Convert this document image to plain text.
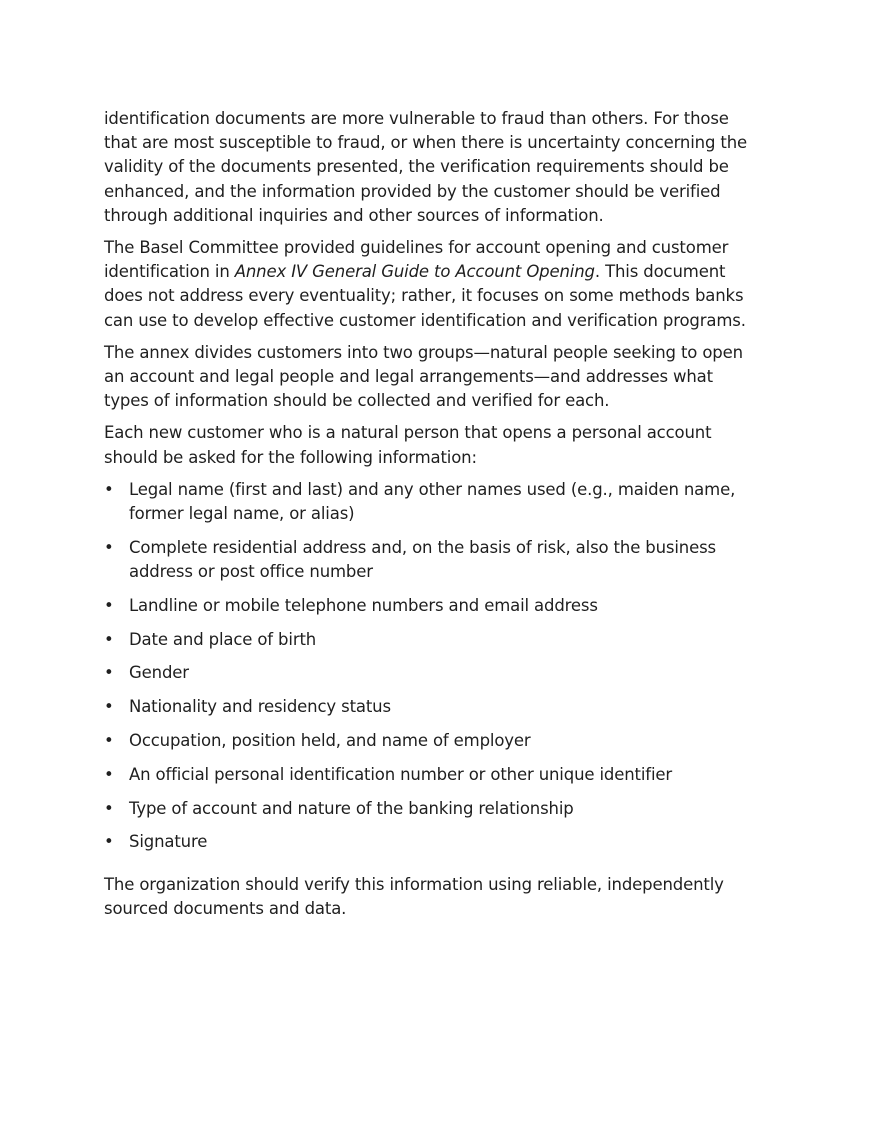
identification documents are more vulnerable to fraud than others. For those that are most susceptible to fraud, or when there is uncertainty concerning the validity of the documents presented, the verification requirements should be enhanced, and the information provided by the customer should be verified through additional inquiries and other sources of information.

The Basel Committee provided guidelines for account opening and customer identification in Annex IV General Guide to Account Opening. This document does not address every eventuality; rather, it focuses on some methods banks can use to develop effective customer identification and verification programs.

The annex divides customers into two groups—natural people seeking to open an account and legal people and legal arrangements—and addresses what types of information should be collected and verified for each.

Each new customer who is a natural person that opens a personal account should be asked for the following information:

• Legal name (first and last) and any other names used (e.g., maiden name, former legal name, or alias)
• Complete residential address and, on the basis of risk, also the business address or post office number
• Landline or mobile telephone numbers and email address
• Date and place of birth
• Gender
• Nationality and residency status
• Occupation, position held, and name of employer
• An official personal identification number or other unique identifier
• Type of account and nature of the banking relationship
• Signature

The organization should verify this information using reliable, independently sourced documents and data.
